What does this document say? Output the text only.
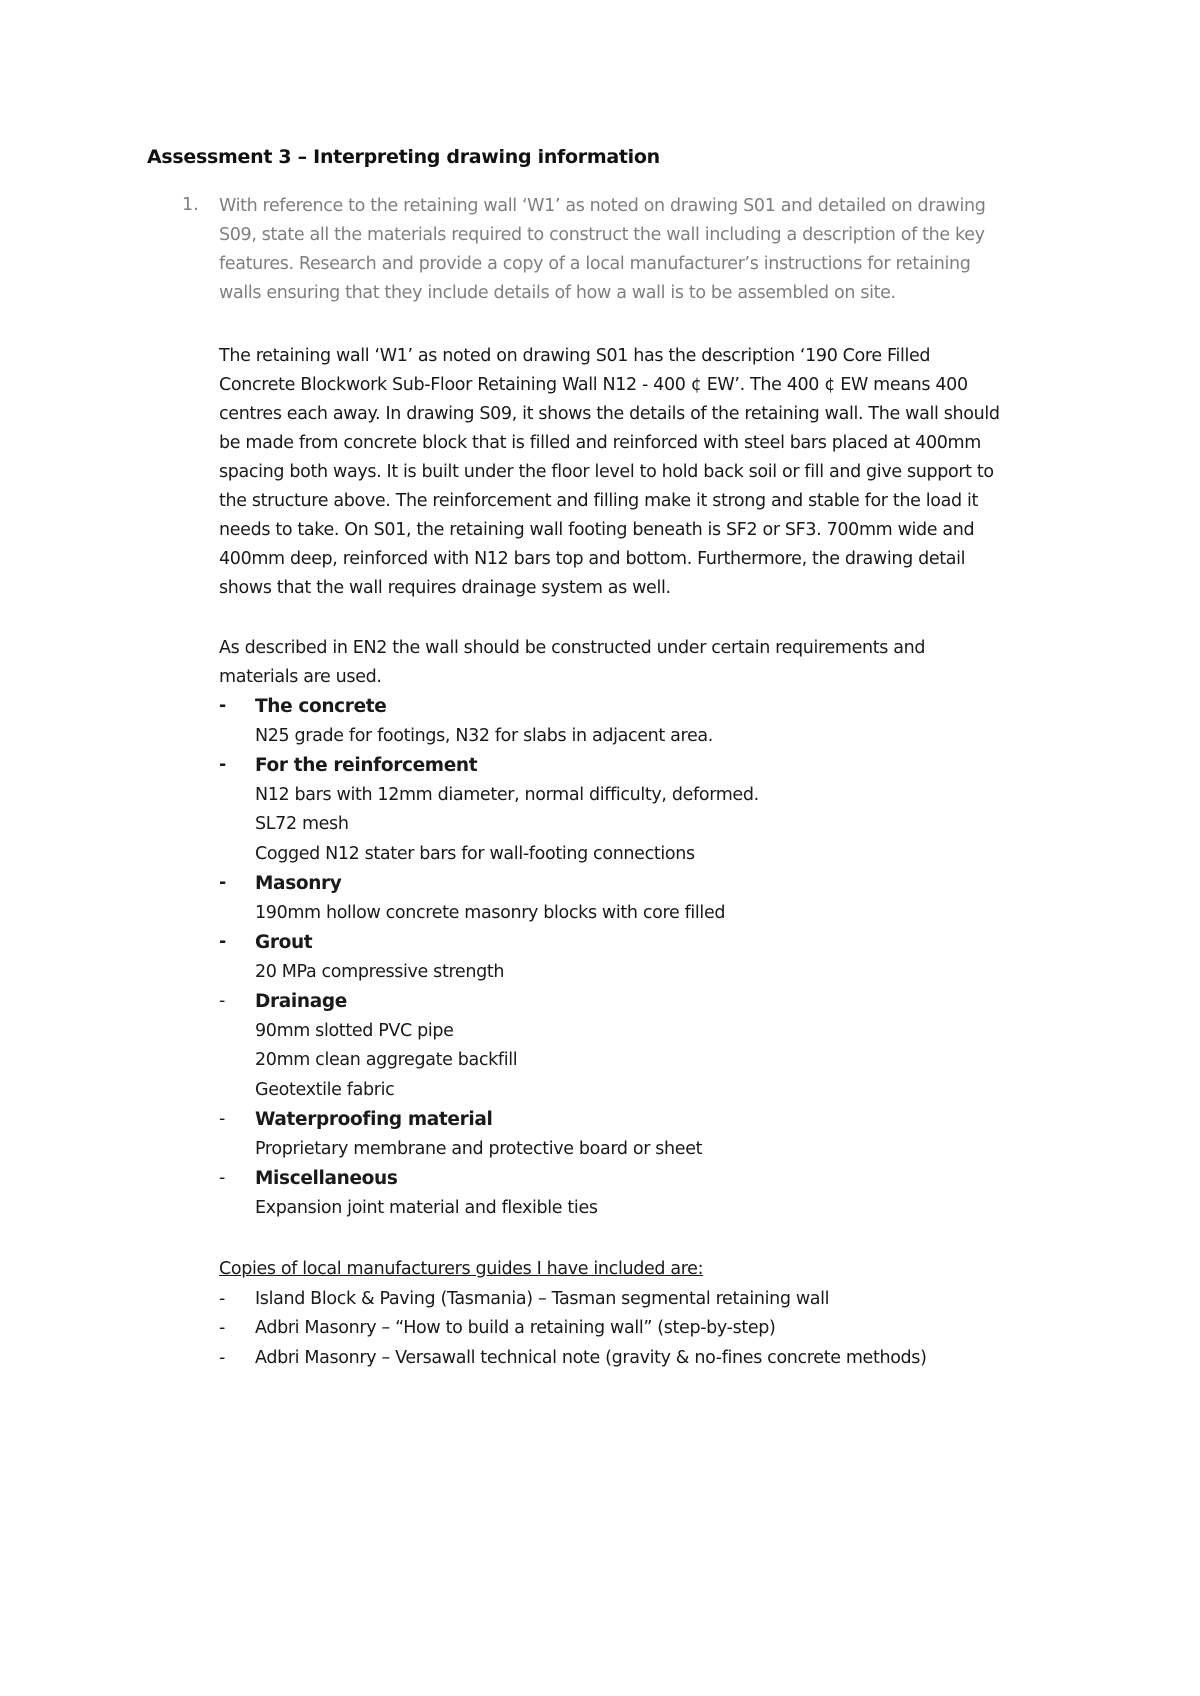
Assessment 3 – Interpreting drawing information
1. With reference to the retaining wall ‘W1’ as noted on drawing S01 and detailed on drawing
S09, state all the materials required to construct the wall including a description of the key
features. Research and provide a copy of a local manufacturer’s instructions for retaining
walls ensuring that they include details of how a wall is to be assembled on site.
The retaining wall ‘W1’ as noted on drawing S01 has the description ‘190 Core Filled
Concrete Blockwork Sub-Floor Retaining Wall N12 - 400 ¢ EW’. The 400 ¢ EW means 400
centres each away. In drawing S09, it shows the details of the retaining wall. The wall should
be made from concrete block that is filled and reinforced with steel bars placed at 400mm
spacing both ways. It is built under the floor level to hold back soil or fill and give support to
the structure above. The reinforcement and filling make it strong and stable for the load it
needs to take. On S01, the retaining wall footing beneath is SF2 or SF3. 700mm wide and
400mm deep, reinforced with N12 bars top and bottom. Furthermore, the drawing detail
shows that the wall requires drainage system as well.
As described in EN2 the wall should be constructed under certain requirements and
materials are used.
- The concrete
N25 grade for footings, N32 for slabs in adjacent area.
- For the reinforcement
N12 bars with 12mm diameter, normal difficulty, deformed.
SL72 mesh
Cogged N12 stater bars for wall-footing connections
- Masonry
190mm hollow concrete masonry blocks with core filled
- Grout
20 MPa compressive strength
- Drainage
90mm slotted PVC pipe
20mm clean aggregate backfill
Geotextile fabric
- Waterproofing material
Proprietary membrane and protective board or sheet
- Miscellaneous
Expansion joint material and flexible ties
Copies of local manufacturers guides I have included are:
- Island Block & Paving (Tasmania) – Tasman segmental retaining wall
- Adbri Masonry – “How to build a retaining wall” (step-by-step)
- Adbri Masonry – Versawall technical note (gravity & no-fines concrete methods)
